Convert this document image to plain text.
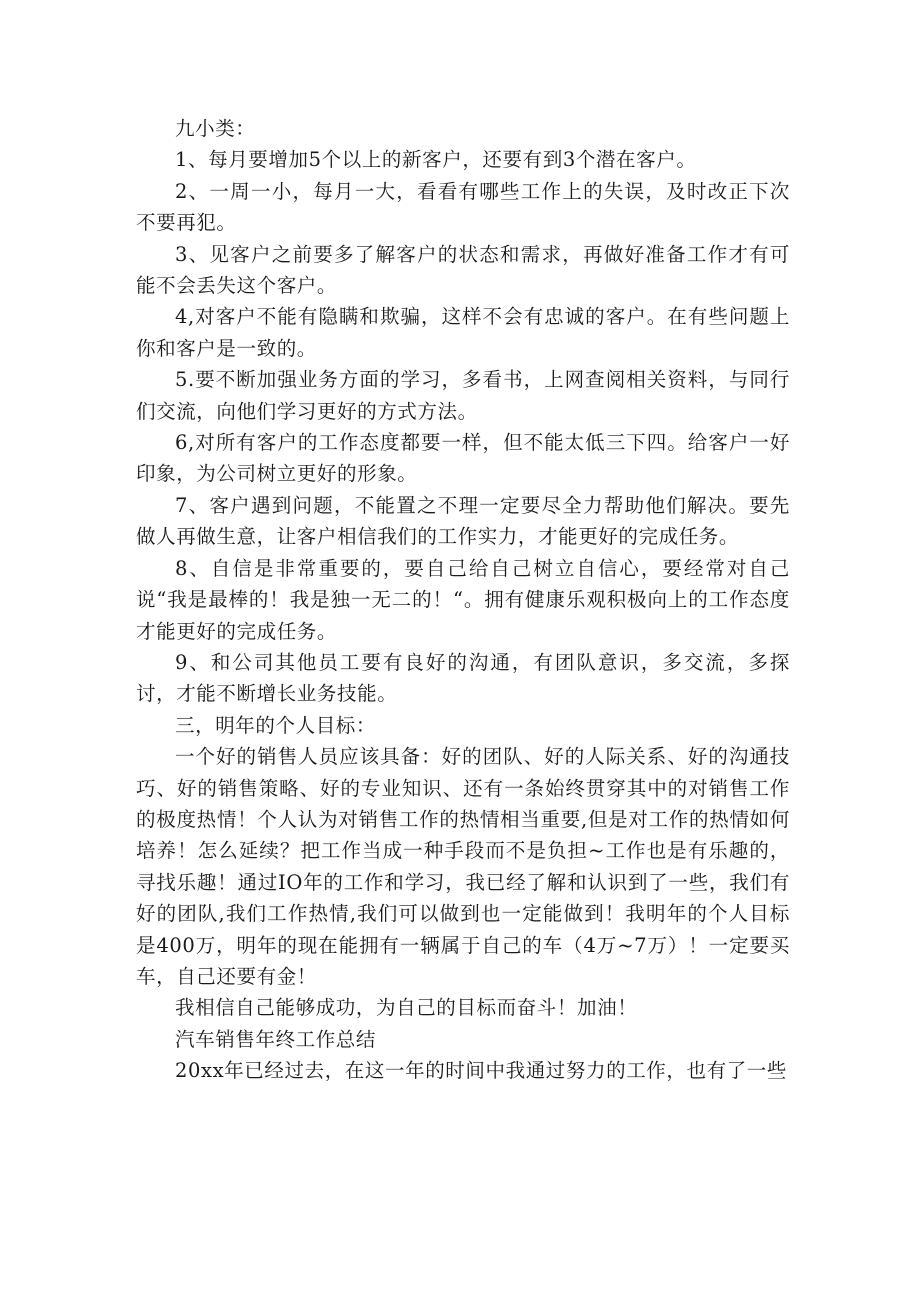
九小类：

1、每月要增加5个以上的新客户，还要有到3个潜在客户。

2、一周一小，每月一大，看看有哪些工作上的失误，及时改正下次不要再犯。

3、见客户之前要多了解客户的状态和需求，再做好准备工作才有可能不会丢失这个客户。

4,对客户不能有隐瞒和欺骗，这样不会有忠诚的客户。在有些问题上你和客户是一致的。

5.要不断加强业务方面的学习，多看书，上网查阅相关资料，与同行们交流，向他们学习更好的方式方法。

6,对所有客户的工作态度都要一样，但不能太低三下四。给客户一好印象，为公司树立更好的形象。

7、客户遇到问题，不能置之不理一定要尽全力帮助他们解决。要先做人再做生意，让客户相信我们的工作实力，才能更好的完成任务。

8、自信是非常重要的，要自己给自己树立自信心，要经常对自己说“我是最棒的！我是独一无二的！“。拥有健康乐观积极向上的工作态度才能更好的完成任务。

9、和公司其他员工要有良好的沟通，有团队意识，多交流，多探讨，才能不断增长业务技能。

三，明年的个人目标：

一个好的销售人员应该具备：好的团队、好的人际关系、好的沟通技巧、好的销售策略、好的专业知识、还有一条始终贯穿其中的对销售工作的极度热情！个人认为对销售工作的热情相当重要,但是对工作的热情如何培养！怎么延续？把工作当成一种手段而不是负担~工作也是有乐趣的，寻找乐趣！通过IO年的工作和学习，我已经了解和认识到了一些，我们有好的团队,我们工作热情,我们可以做到也一定能做到！我明年的个人目标是400万，明年的现在能拥有一辆属于自己的车（4万~7万）！一定要买车，自己还要有金！

我相信自己能够成功，为自己的目标而奋斗！加油！

汽车销售年终工作总结

20xx年已经过去，在这一年的时间中我通过努力的工作，也有了一些
